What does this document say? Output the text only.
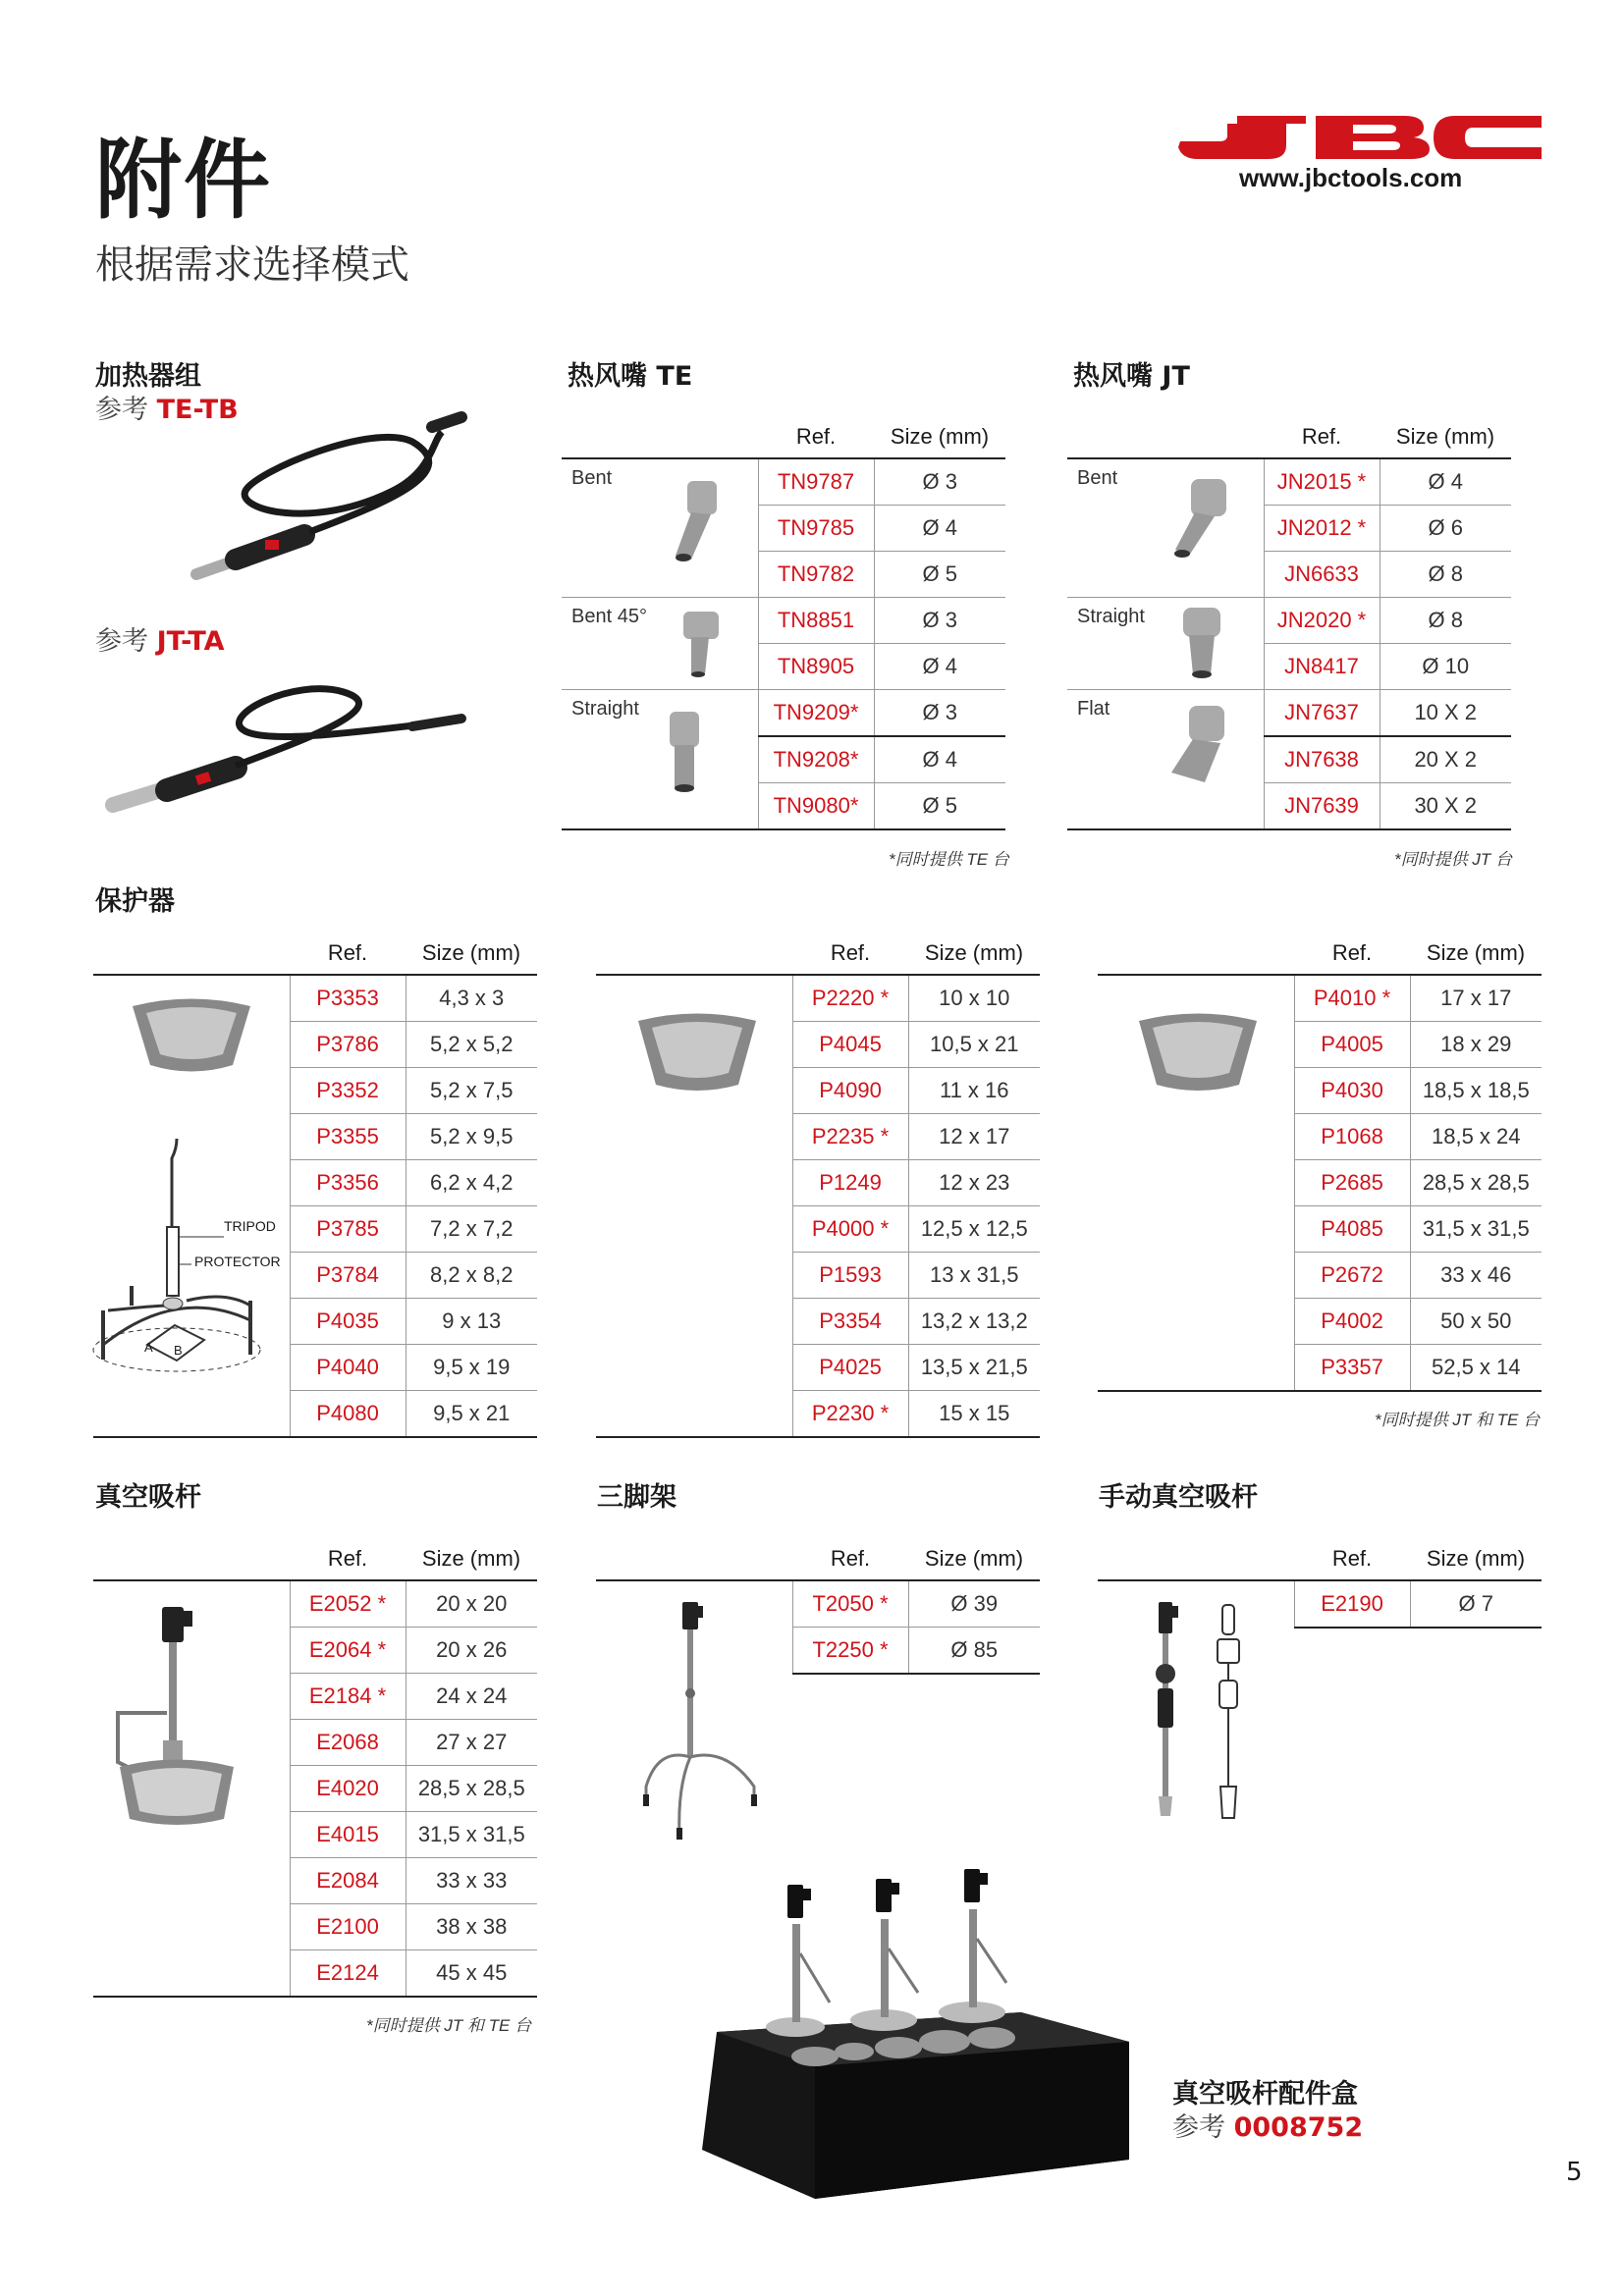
附件
根据需求选择模式
www.jbctools.com
加热器组
参考 TE-TB
参考 JT-TA
热风嘴 TE
	Ref.	Size (mm)
Bent	TN9787	Ø 3
	TN9785	Ø 4
	TN9782	Ø 5
Bent 45°	TN8851	Ø 3
	TN8905	Ø 4
Straight	TN9209*	Ø 3
	TN9208*	Ø 4
	TN9080*	Ø 5
*同时提供 TE 台
热风嘴 JT
	Ref.	Size (mm)
Bent	JN2015 *	Ø 4
	JN2012 *	Ø 6
	JN6633	Ø 8
Straight	JN2020 *	Ø 8
	JN8417	Ø 10
Flat	JN7637	10 X 2
	JN7638	20 X 2
	JN7639	30 X 2
*同时提供 JT 台
保护器
	Ref.	Size (mm)
	P3353	4,3 x 3
	P3786	5,2 x 5,2
	P3352	5,2 x 7,5
	P3355	5,2 x 9,5
	P3356	6,2 x 4,2
	P3785	7,2 x 7,2
	P3784	8,2 x 8,2
	P4035	9 x 13
	P4040	9,5 x 19
	P4080	9,5 x 21
TRIPOD
PROTECTOR
A B
	Ref.	Size (mm)
	P2220 *	10 x 10
	P4045	10,5 x 21
	P4090	11 x 16
	P2235 *	12 x 17
	P1249	12 x 23
	P4000 *	12,5 x 12,5
	P1593	13 x 31,5
	P3354	13,2 x 13,2
	P4025	13,5 x 21,5
	P2230 *	15 x 15
	Ref.	Size (mm)
	P4010 *	17 x 17
	P4005	18 x 29
	P4030	18,5 x 18,5
	P1068	18,5 x 24
	P2685	28,5 x 28,5
	P4085	31,5 x 31,5
	P2672	33 x 46
	P4002	50 x 50
	P3357	52,5 x 14
*同时提供 JT 和 TE 台
真空吸杆
	Ref.	Size (mm)
	E2052 *	20 x 20
	E2064 *	20 x 26
	E2184 *	24 x 24
	E2068	27 x 27
	E4020	28,5 x 28,5
	E4015	31,5 x 31,5
	E2084	33 x 33
	E2100	38 x 38
	E2124	45 x 45
*同时提供 JT 和 TE 台
三脚架
	Ref.	Size (mm)
	T2050 *	Ø 39
	T2250 *	Ø 85
手动真空吸杆
	Ref.	Size (mm)
	E2190	Ø 7
真空吸杆配件盒
参考 0008752
5
